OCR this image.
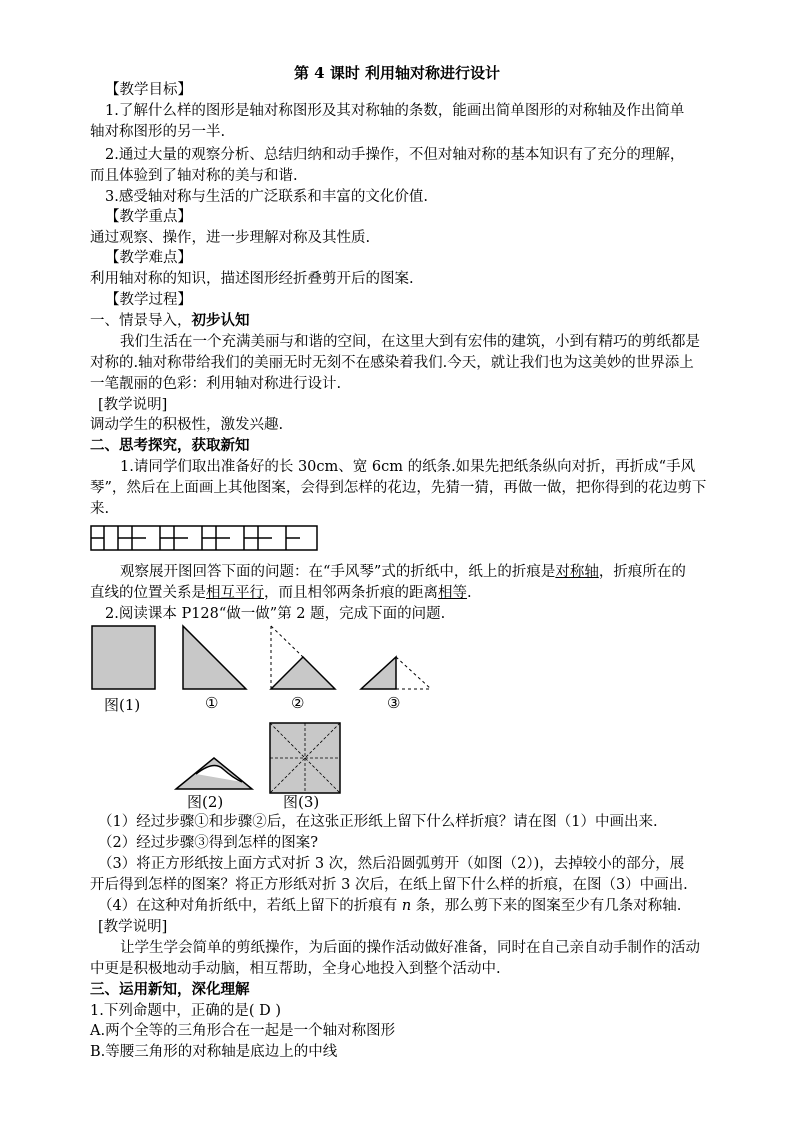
第 4 课时 利用轴对称进行设计
【教学目标】
1.了解什么样的图形是轴对称图形及其对称轴的条数，能画出简单图形的对称轴及作出简单
轴对称图形的另一半.
2.通过大量的观察分析、总结归纳和动手操作，不但对轴对称的基本知识有了充分的理解，
而且体验到了轴对称的美与和谐.
3.感受轴对称与生活的广泛联系和丰富的文化价值.
【教学重点】
通过观察、操作，进一步理解对称及其性质.
【教学难点】
利用轴对称的知识，描述图形经折叠剪开后的图案.
【教学过程】
一、情景导入，初步认知
我们生活在一个充满美丽与和谐的空间，在这里大到有宏伟的建筑，小到有精巧的剪纸都是
对称的.轴对称带给我们的美丽无时无刻不在感染着我们.今天，就让我们也为这美妙的世界添上
一笔靓丽的色彩：利用轴对称进行设计.
[教学说明]
调动学生的积极性，激发兴趣.
二、思考探究，获取新知
1.请同学们取出准备好的长 30cm、宽 6cm 的纸条.如果先把纸条纵向对折，再折成“手风
琴”，然后在上面画上其他图案，会得到怎样的花边，先猜一猜，再做一做，把你得到的花边剪下
来.
观察展开图回答下面的问题：在“手风琴”式的折纸中，纸上的折痕是对称轴，折痕所在的
直线的位置关系是相互平行，而且相邻两条折痕的距离相等.
2.阅读课本 P128“做一做”第 2 题，完成下面的问题.
图(1)	①	②	③
图(2)	图(3)
（1）经过步骤①和步骤②后，在这张正形纸上留下什么样折痕？请在图（1）中画出来.
（2）经过步骤③得到怎样的图案?
（3）将正方形纸按上面方式对折 3 次，然后沿圆弧剪开（如图（2）)，去掉较小的部分，展
开后得到怎样的图案？将正方形纸对折 3 次后，在纸上留下什么样的折痕，在图（3）中画出.
（4）在这种对角折纸中，若纸上留下的折痕有 n 条，那么剪下来的图案至少有几条对称轴.
[教学说明]
让学生学会简单的剪纸操作，为后面的操作活动做好准备，同时在自己亲自动手制作的活动
中更是积极地动手动脑，相互帮助，全身心地投入到整个活动中.
三、运用新知，深化理解
1.下列命题中，正确的是( D )
A.两个全等的三角形合在一起是一个轴对称图形
B.等腰三角形的对称轴是底边上的中线
